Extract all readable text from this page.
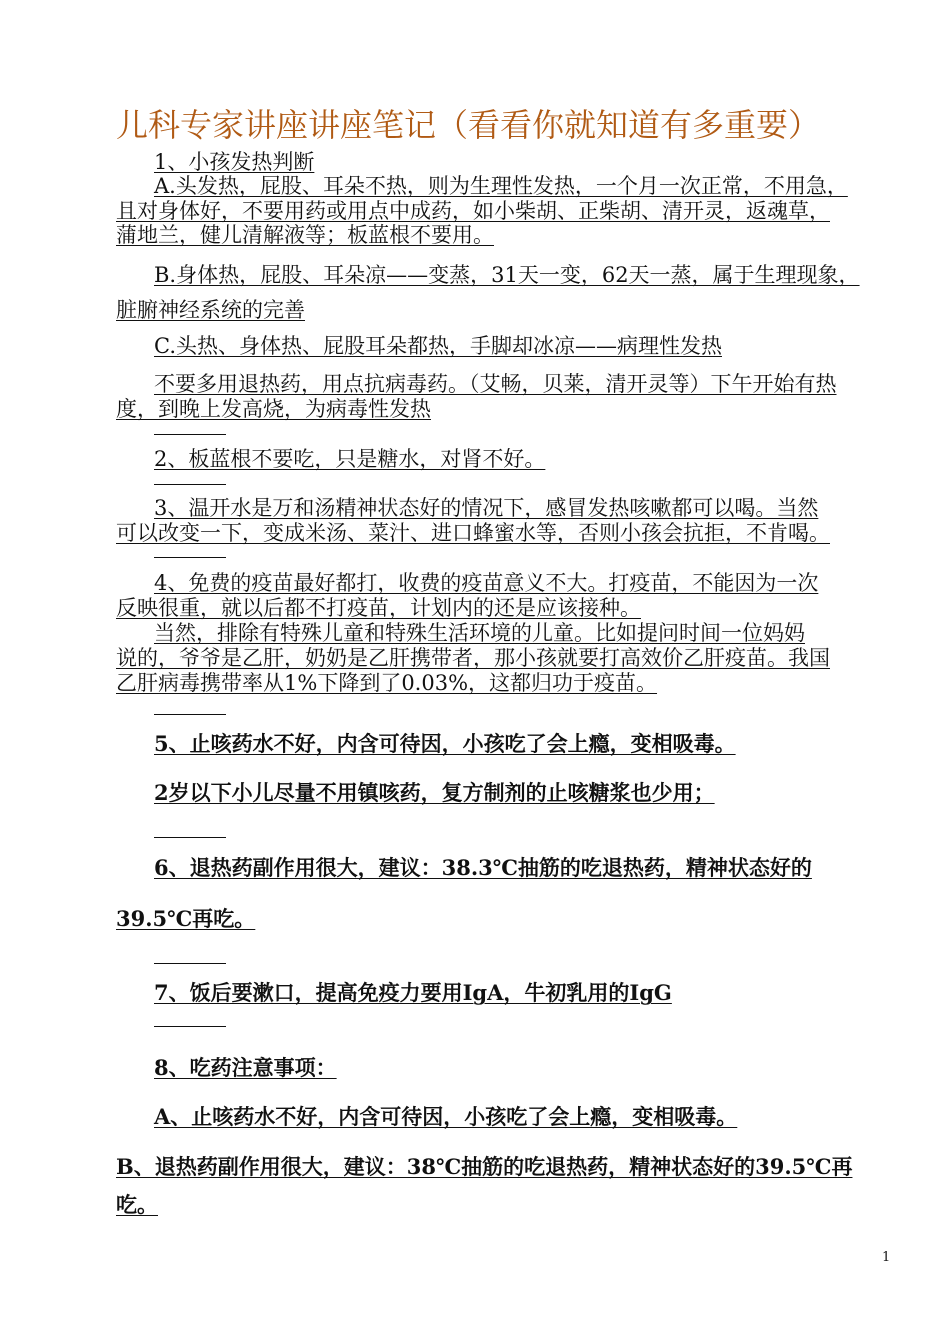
儿科专家讲座讲座笔记（看看你就知道有多重要）
1、小孩发热判断
A.头发热，屁股、耳朵不热，则为生理性发热，一个月一次正常，不用急，
且对身体好，不要用药或用点中成药，如小柴胡、正柴胡、清开灵，返魂草，
蒲地兰，健儿清解液等；板蓝根不要用。
B.身体热，屁股、耳朵凉——变蒸，31天一变，62天一蒸，属于生理现象，
脏腑神经系统的完善
C.头热、身体热、屁股耳朵都热，手脚却冰凉——病理性发热
不要多用退热药，用点抗病毒药。（艾畅，贝莱，清开灵等）下午开始有热
度，到晚上发高烧，为病毒性发热
2、板蓝根不要吃，只是糖水，对肾不好。
3、温开水是万和汤精神状态好的情况下，感冒发热咳嗽都可以喝。当然
可以改变一下，变成米汤、菜汁、进口蜂蜜水等，否则小孩会抗拒，不肯喝。
4、免费的疫苗最好都打，收费的疫苗意义不大。打疫苗，不能因为一次
反映很重，就以后都不打疫苗，计划内的还是应该接种。
当然，排除有特殊儿童和特殊生活环境的儿童。比如提问时间一位妈妈
说的，爷爷是乙肝，奶奶是乙肝携带者，那小孩就要打高效价乙肝疫苗。我国
乙肝病毒携带率从1%下降到了0.03%，这都归功于疫苗。
5、止咳药水不好，内含可待因，小孩吃了会上瘾，变相吸毒。
2岁以下小儿尽量不用镇咳药，复方制剂的止咳糖浆也少用；
6、退热药副作用很大，建议：38.3℃抽筋的吃退热药，精神状态好的
39.5℃再吃。
7、饭后要漱口，提高免疫力要用IgA，牛初乳用的IgG
8、吃药注意事项：
A、止咳药水不好，内含可待因，小孩吃了会上瘾，变相吸毒。
B、退热药副作用很大，建议：38℃抽筋的吃退热药，精神状态好的39.5℃再
吃。
1
